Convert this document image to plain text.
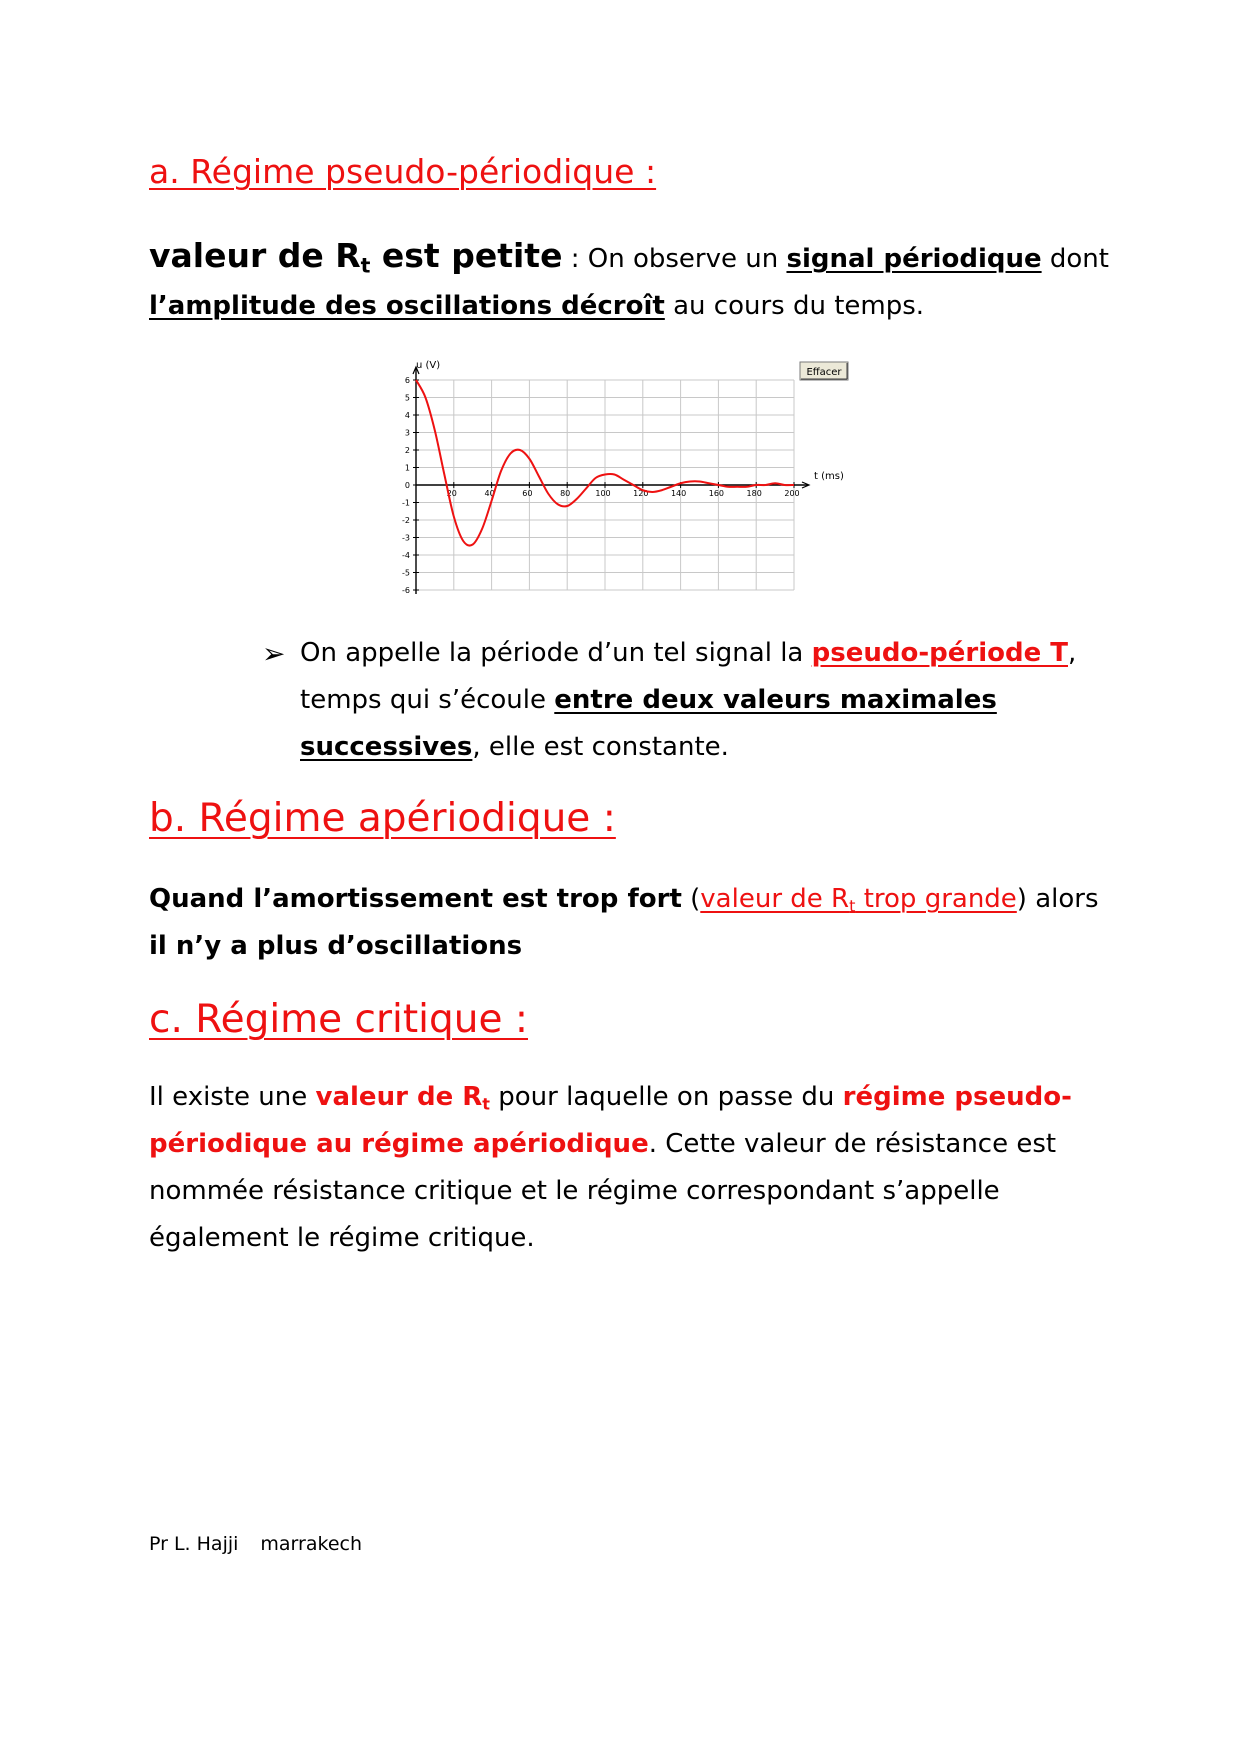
a. Régime pseudo-périodique :

valeur de Rt est petite : On observe un signal périodique dont
l’amplitude des oscillations décroît au cours du temps.

6
5
4
3
2
1
0
-1
-2
-3
-4
-5
-6
20	40	60	80	100	120	140	160	180	200
u (V)
t (ms)
Effacer
➢ On appelle la période d’un tel signal la pseudo-période T,
temps qui s’écoule entre deux valeurs maximales
successives, elle est constante.

b. Régime apériodique :

Quand l’amortissement est trop fort (valeur de Rt trop grande) alors
il n’y a plus d’oscillations

c. Régime critique :

Il existe une valeur de Rt pour laquelle on passe du régime pseudo-
périodique au régime apériodique. Cette valeur de résistance est
nommée résistance critique et le régime correspondant s’appelle
également le régime critique.

Pr L. Hajji marrakech
